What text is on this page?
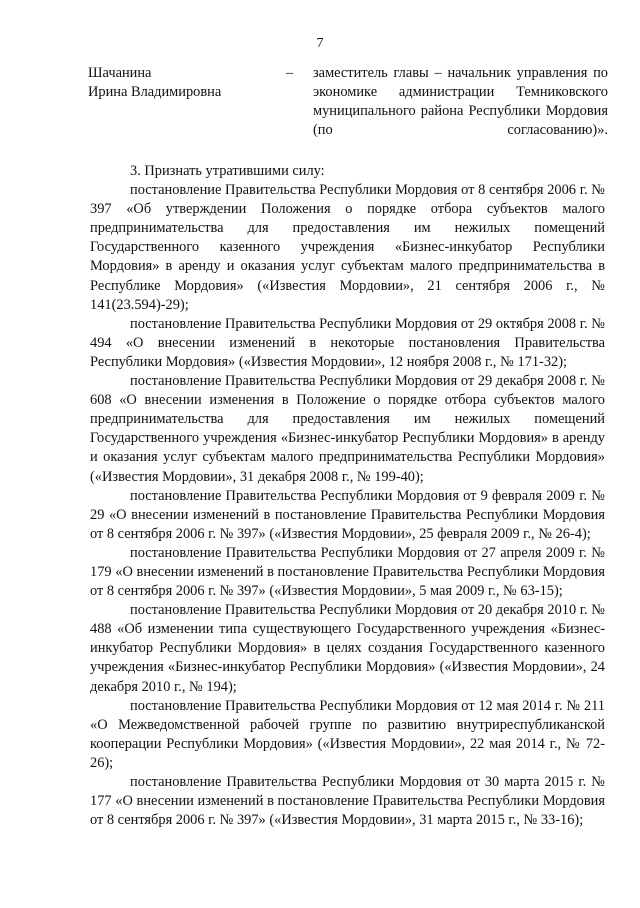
7
Шачанина
Ирина Владимировна
– заместитель главы – начальник управления по экономике администрации Темниковского муниципального района Республики Мордовия (по согласованию)».

3. Признать утратившими силу:

постановление Правительства Республики Мордовия от 8 сентября 2006 г. № 397 «Об утверждении Положения о порядке отбора субъектов малого предпринимательства для предоставления им нежилых помещений Государственного казенного учреждения «Бизнес-инкубатор Республики Мордовия» в аренду и оказания услуг субъектам малого предпринимательства в Республике Мордовия» («Известия Мордовии», 21 сентября 2006 г., № 141(23.594)-29);

постановление Правительства Республики Мордовия от 29 октября 2008 г. № 494 «О внесении изменений в некоторые постановления Правительства Республики Мордовия» («Известия Мордовии», 12 ноября 2008 г., № 171-32);

постановление Правительства Республики Мордовия от 29 декабря 2008 г. № 608 «О внесении изменения в Положение о порядке отбора субъектов малого предпринимательства для предоставления им нежилых помещений Государственного учреждения «Бизнес-инкубатор Республики Мордовия» в аренду и оказания услуг субъектам малого предпринимательства Республики Мордовия» («Известия Мордовии», 31 декабря 2008 г., № 199-40);

постановление Правительства Республики Мордовия от 9 февраля 2009 г. № 29 «О внесении изменений в постановление Правительства Республики Мордовия от 8 сентября 2006 г. № 397» («Известия Мордовии», 25 февраля 2009 г., № 26-4);

постановление Правительства Республики Мордовия от 27 апреля 2009 г. № 179 «О внесении изменений в постановление Правительства Республики Мордовия от 8 сентября 2006 г. № 397» («Известия Мордовии», 5 мая 2009 г., № 63-15);

постановление Правительства Республики Мордовия от 20 декабря 2010 г. № 488 «Об изменении типа существующего Государственного учреждения «Бизнес-инкубатор Республики Мордовия» в целях создания Государственного казенного учреждения «Бизнес-инкубатор Республики Мордовия» («Известия Мордовии», 24 декабря 2010 г., № 194);

постановление Правительства Республики Мордовия от 12 мая 2014 г. № 211 «О Межведомственной рабочей группе по развитию внутриреспубликанской кооперации Республики Мордовия» («Известия Мордовии», 22 мая 2014 г., № 72-26);

постановление Правительства Республики Мордовия от 30 марта 2015 г. № 177 «О внесении изменений в постановление Правительства Республики Мордовия от 8 сентября 2006 г. № 397» («Известия Мордовии», 31 марта 2015 г., № 33-16);
